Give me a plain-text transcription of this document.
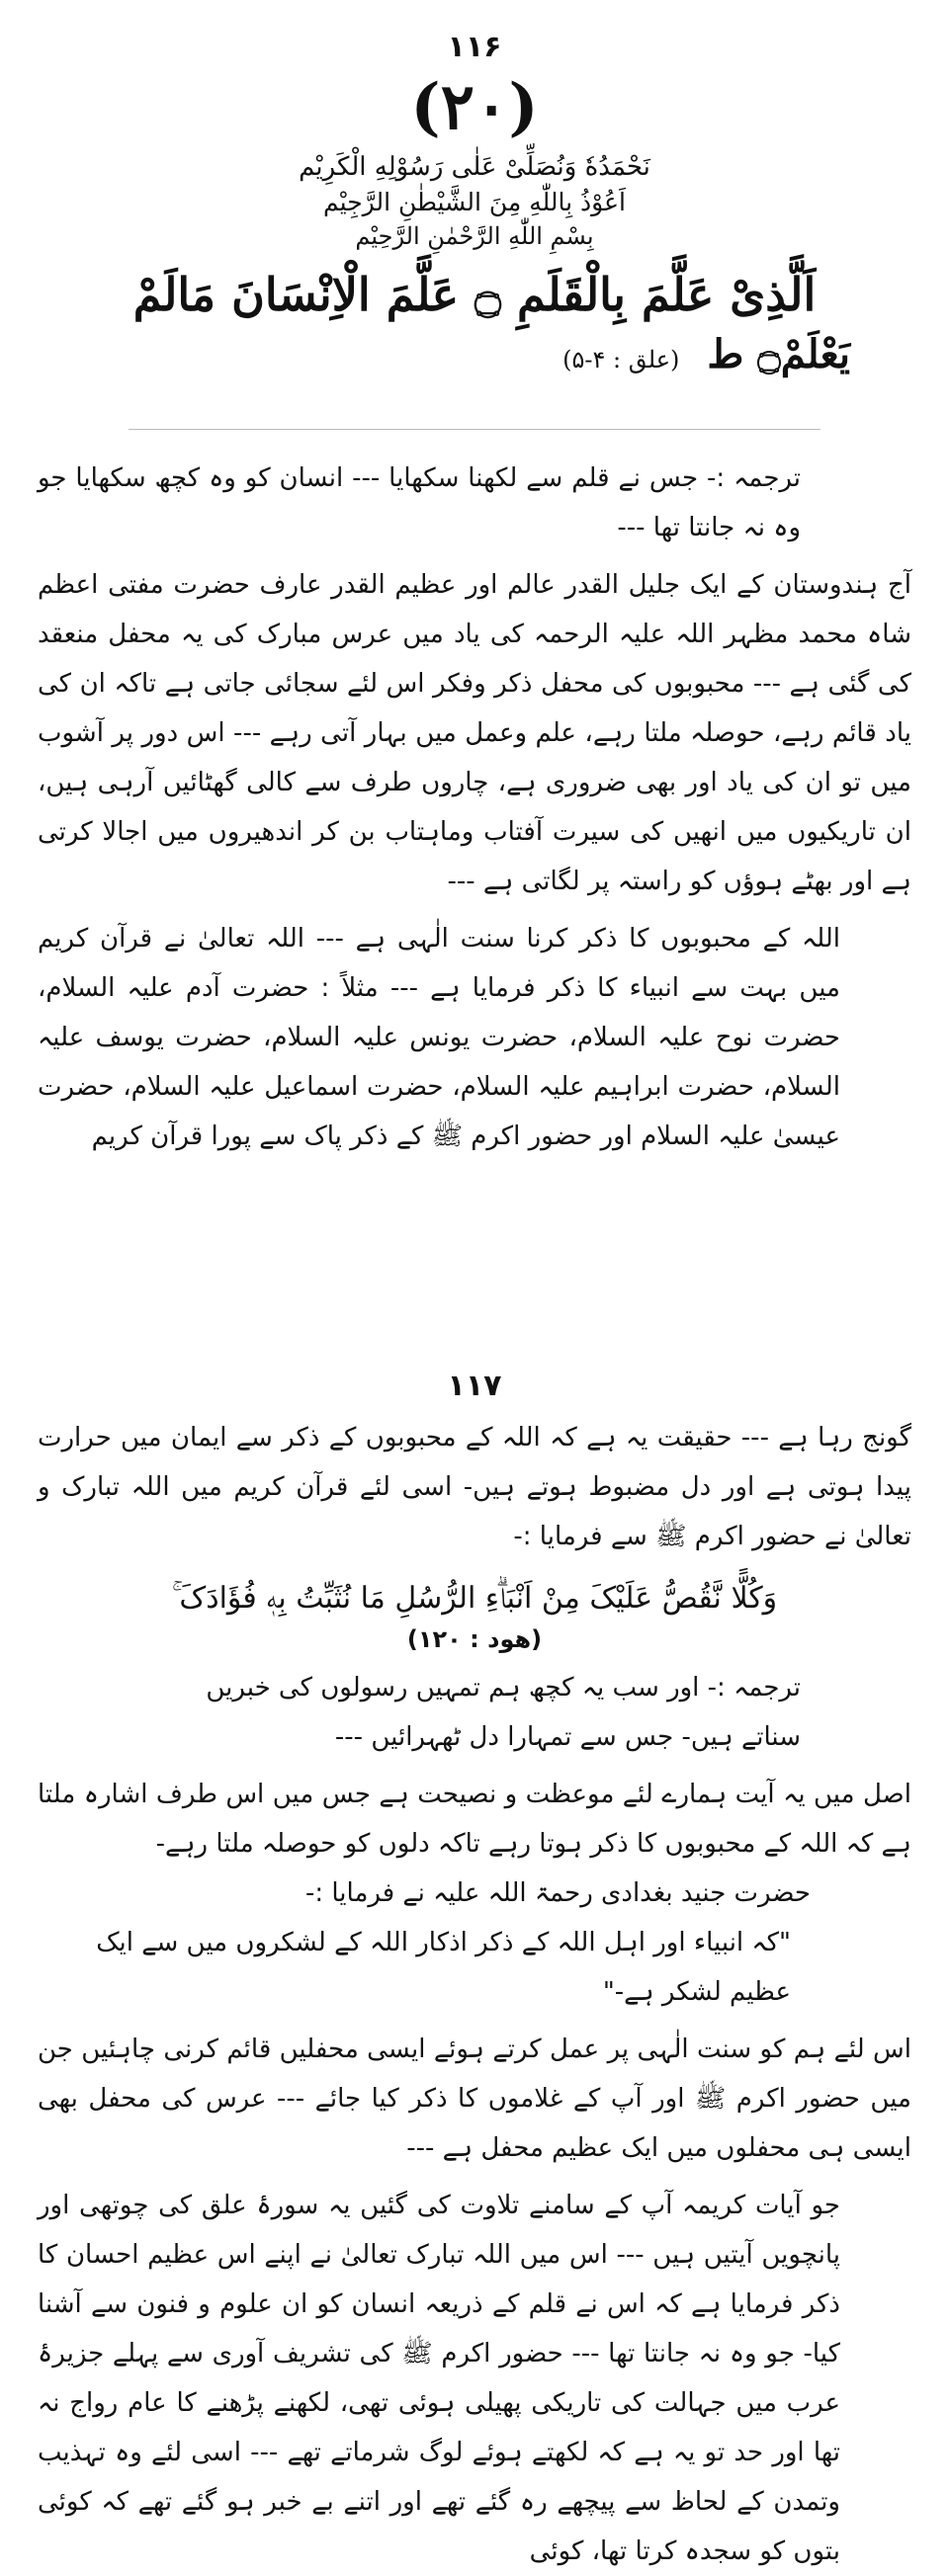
۱۱۶
(۲۰)
نَحْمَدُهٗ وَنُصَلِّیْ عَلٰی رَسُوْلِهِ الْکَرِیْم
اَعُوْذُ بِاللّٰهِ مِنَ الشَّیْطٰنِ الرَّجِیْم
بِسْمِ اللّٰهِ الرَّحْمٰنِ الرَّحِیْم
اَلَّذِیْ عَلَّمَ بِالْقَلَمِ ۝ عَلَّمَ الْاِنْسَانَ مَالَمْ
یَعْلَمْ۝ ط (علق : ۴-۵)
ترجمہ :- جس نے قلم سے لکھنا سکھایا --- انسان کو وہ کچھ سکھایا جو وہ نہ جانتا تھا ---
آج ہندوستان کے ایک جلیل القدر عالم اور عظیم القدر عارف حضرت مفتی اعظم شاہ محمد مظہر اللہ علیہ الرحمہ کی یاد میں عرس مبارک کی یہ محفل منعقد کی گئی ہے --- محبوبوں کی محفل ذکر وفکر اس لئے سجائی جاتی ہے تاکہ ان کی یاد قائم رہے، حوصلہ ملتا رہے، علم وعمل میں بہار آتی رہے --- اس دور پر آشوب میں تو ان کی یاد اور بھی ضروری ہے، چاروں طرف سے کالی گھٹائیں آرہی ہیں، ان تاریکیوں میں انھیں کی سیرت آفتاب وماہتاب بن کر اندھیروں میں اجالا کرتی ہے اور بھٹے ہوؤں کو راستہ پر لگاتی ہے ---
اللہ کے محبوبوں کا ذکر کرنا سنت الٰہی ہے --- اللہ تعالیٰ نے قرآن کریم میں بہت سے انبیاء کا ذکر فرمایا ہے --- مثلاً : حضرت آدم علیہ السلام، حضرت نوح علیہ السلام، حضرت یونس علیہ السلام، حضرت یوسف علیہ السلام، حضرت ابراہیم علیہ السلام، حضرت اسماعیل علیہ السلام، حضرت عیسیٰ علیہ السلام اور حضور اکرم ﷺ کے ذکر پاک سے پورا قرآن کریم
۱۱۷
گونج رہا ہے --- حقیقت یہ ہے کہ اللہ کے محبوبوں کے ذکر سے ایمان میں حرارت پیدا ہوتی ہے اور دل مضبوط ہوتے ہیں- اسی لئے قرآن کریم میں اللہ تبارک و تعالیٰ نے حضور اکرم ﷺ سے فرمایا :-
وَکُلًّا نَّقُصُّ عَلَیْکَ مِنْ اَنْبَاۗءِ الرُّسُلِ مَا نُثَبِّتُ بِهٖ فُؤَادَکَ ۚ
(ھود : ۱۲۰)
ترجمہ :- اور سب یہ کچھ ہم تمہیں رسولوں کی خبریں سناتے ہیں- جس سے تمہارا دل ٹھہرائیں ---
اصل میں یہ آیت ہمارے لئے موعظت و نصیحت ہے جس میں اس طرف اشارہ ملتا ہے کہ اللہ کے محبوبوں کا ذکر ہوتا رہے تاکہ دلوں کو حوصلہ ملتا رہے-
حضرت جنید بغدادی رحمۃ اللہ علیہ نے فرمایا :-
"کہ انبیاء اور اہل اللہ کے ذکر اذکار اللہ کے لشکروں میں سے ایک عظیم لشکر ہے-"
اس لئے ہم کو سنت الٰہی پر عمل کرتے ہوئے ایسی محفلیں قائم کرنی چاہئیں جن میں حضور اکرم ﷺ اور آپ کے غلاموں کا ذکر کیا جائے --- عرس کی محفل بھی ایسی ہی محفلوں میں ایک عظیم محفل ہے ---
جو آیات کریمہ آپ کے سامنے تلاوت کی گئیں یہ سورۂ علق کی چوتھی اور پانچویں آیتیں ہیں --- اس میں اللہ تبارک تعالیٰ نے اپنے اس عظیم احسان کا ذکر فرمایا ہے کہ اس نے قلم کے ذریعہ انسان کو ان علوم و فنون سے آشنا کیا- جو وہ نہ جانتا تھا --- حضور اکرم ﷺ کی تشریف آوری سے پہلے جزیرۂ عرب میں جہالت کی تاریکی پھیلی ہوئی تھی، لکھنے پڑھنے کا عام رواج نہ تھا اور حد تو یہ ہے کہ لکھتے ہوئے لوگ شرماتے تھے --- اسی لئے وہ تہذیب وتمدن کے لحاظ سے پیچھے رہ گئے تھے اور اتنے بے خبر ہو گئے تھے کہ کوئی بتوں کو سجدہ کرتا تھا، کوئی
